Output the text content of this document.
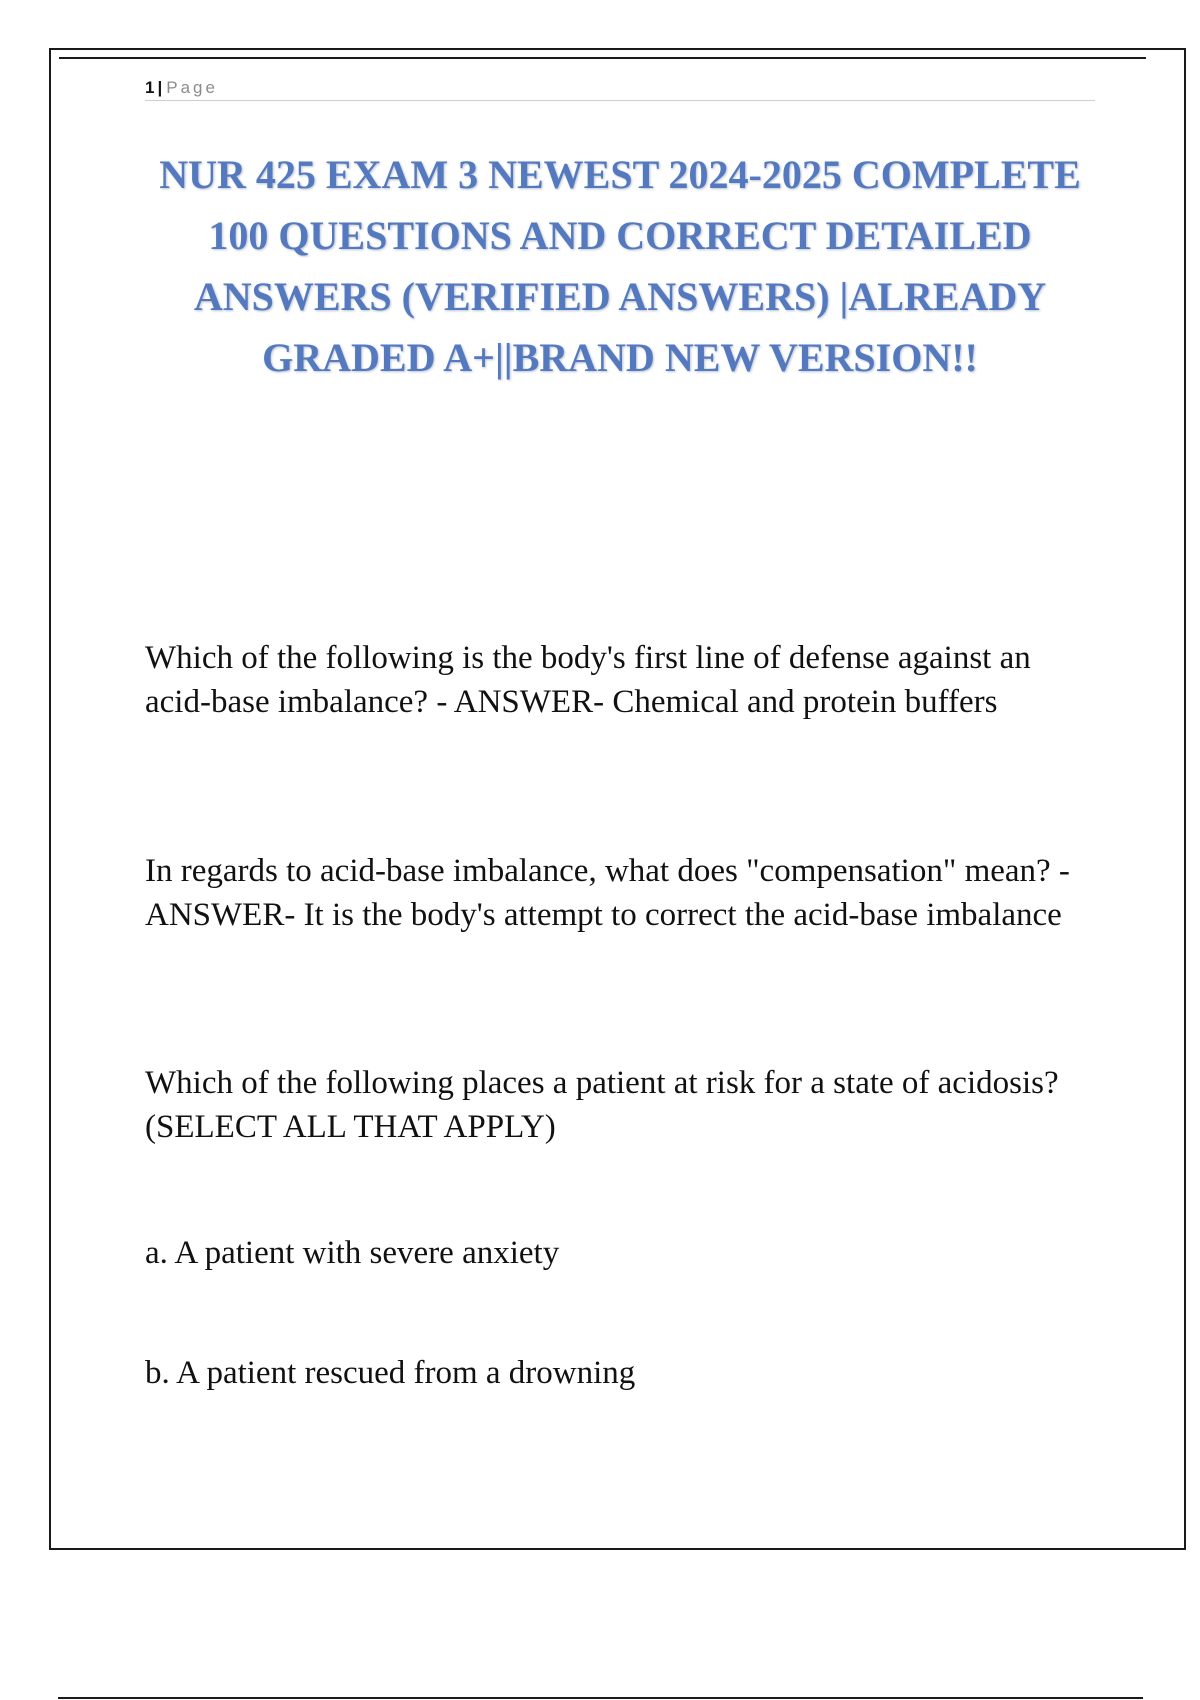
1 | Page
NUR 425 EXAM 3 NEWEST 2024-2025 COMPLETE 100 QUESTIONS AND CORRECT DETAILED ANSWERS (VERIFIED ANSWERS) |ALREADY GRADED A+||BRAND NEW VERSION!!

Which of the following is the body's first line of defense against an acid-base imbalance? - ANSWER- Chemical and protein buffers

In regards to acid-base imbalance, what does "compensation" mean? - ANSWER- It is the body's attempt to correct the acid-base imbalance

Which of the following places a patient at risk for a state of acidosis? (SELECT ALL THAT APPLY)

a. A patient with severe anxiety

b. A patient rescued from a drowning
